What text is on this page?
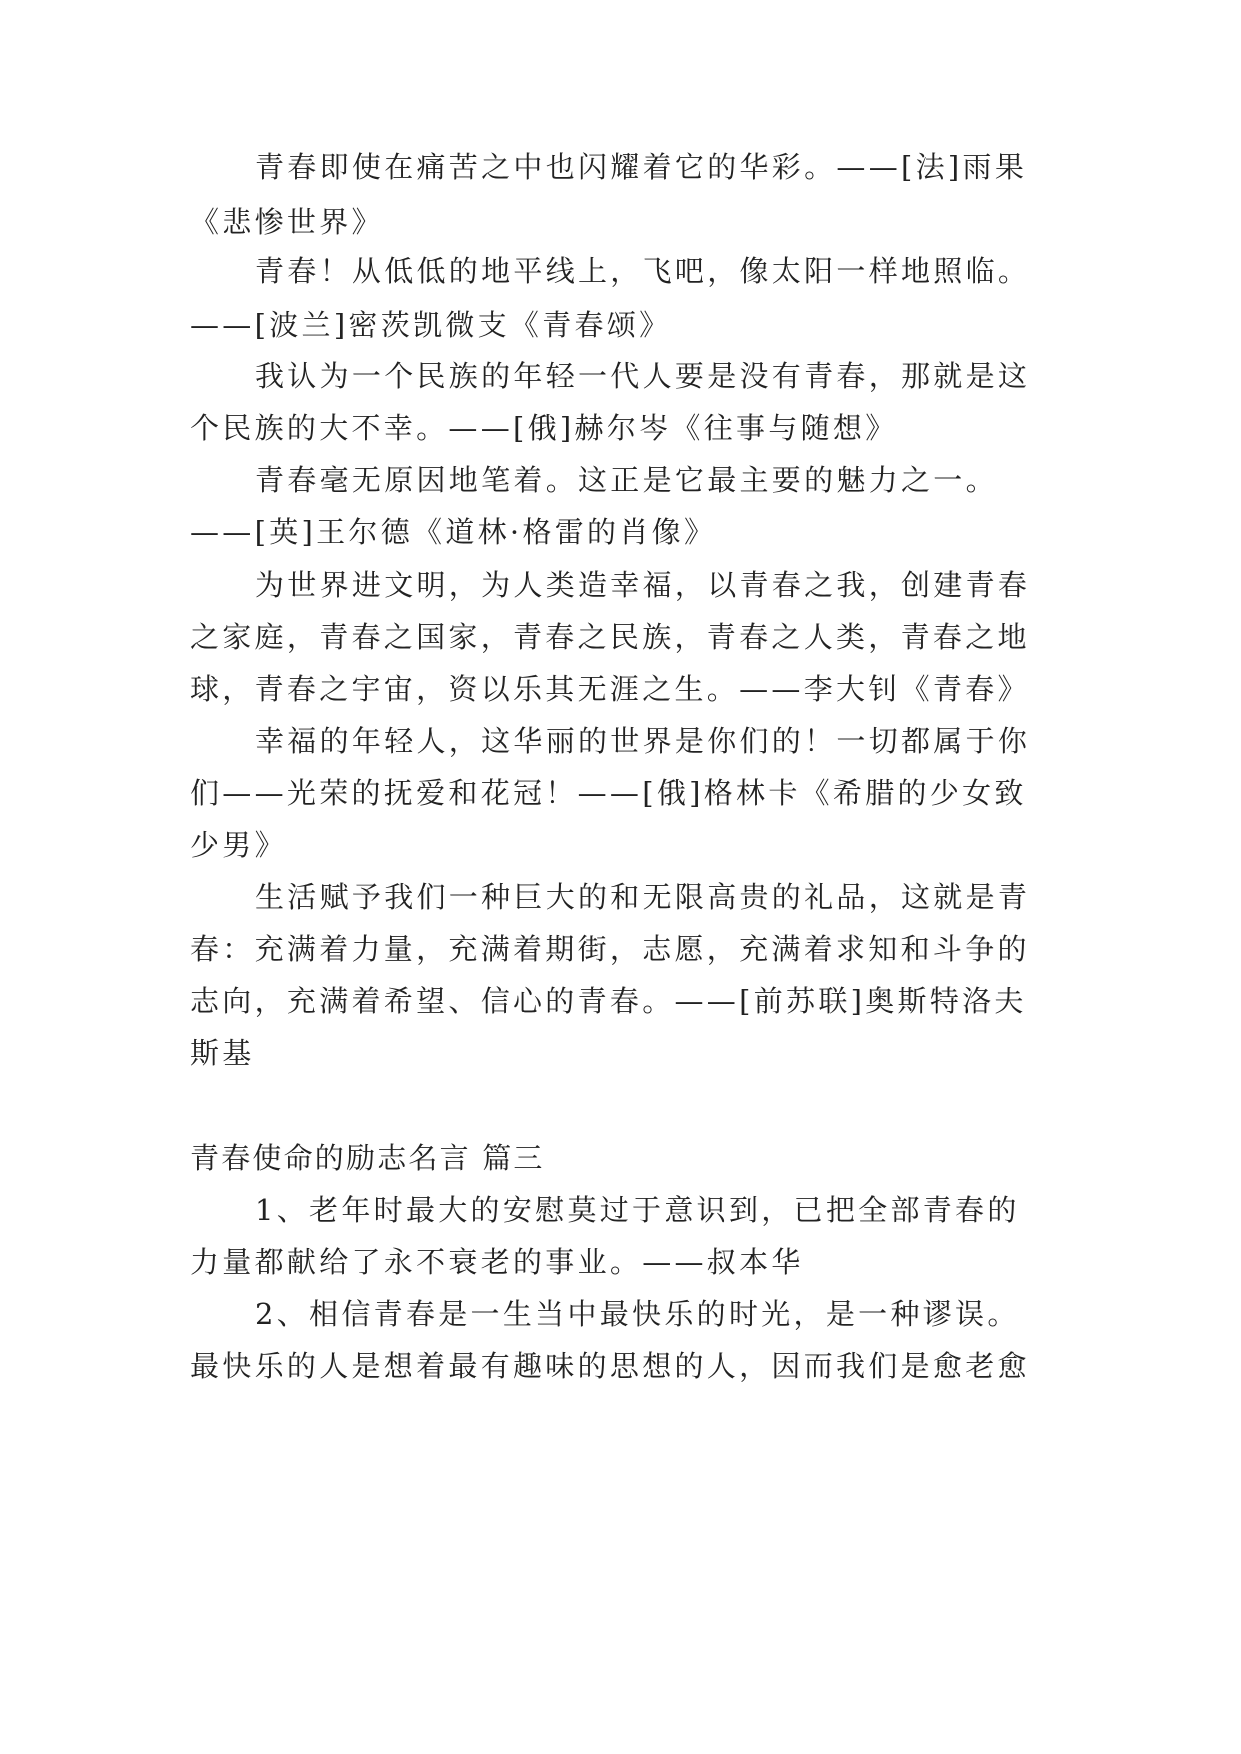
青春即使在痛苦之中也闪耀着它的华彩。——[法]雨果
《悲惨世界》
青春！从低低的地平线上，飞吧，像太阳一样地照临。
——[波兰]密茨凯微支《青春颂》
我认为一个民族的年轻一代人要是没有青春，那就是这
个民族的大不幸。——[俄]赫尔岑《往事与随想》
青春毫无原因地笔着。这正是它最主要的魅力之一。
——[英]王尔德《道林·格雷的肖像》
为世界进文明，为人类造幸福，以青春之我，创建青春
之家庭，青春之国家，青春之民族，青春之人类，青春之地
球，青春之宇宙，资以乐其无涯之生。——李大钊《青春》
幸福的年轻人，这华丽的世界是你们的！一切都属于你
们——光荣的抚爱和花冠！——[俄]格林卡《希腊的少女致
少男》
生活赋予我们一种巨大的和无限高贵的礼品，这就是青
春：充满着力量，充满着期街，志愿，充满着求知和斗争的
志向，充满着希望、信心的青春。——[前苏联]奥斯特洛夫
斯基
青春使命的励志名言 篇三
1、老年时最大的安慰莫过于意识到，已把全部青春的
力量都献给了永不衰老的事业。——叔本华
2、相信青春是一生当中最快乐的时光，是一种谬误。
最快乐的人是想着最有趣味的思想的人，因而我们是愈老愈
